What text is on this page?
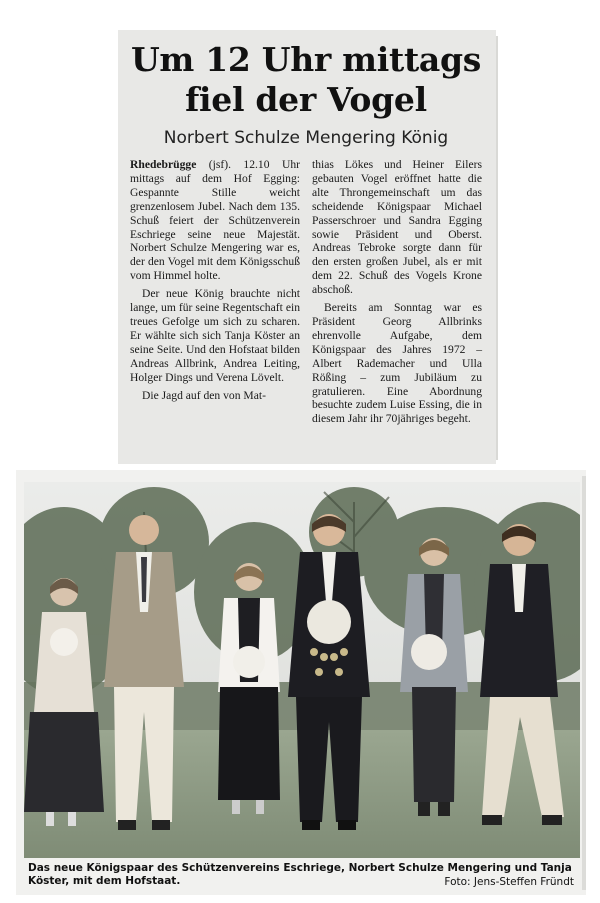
Um 12 Uhr mittags
fiel der Vogel
Norbert Schulze Mengering König

Rhedebrügge (jsf). 12.10 Uhr mittags auf dem Hof Egging: Gespannte Stille weicht grenzenlosem Jubel. Nach dem 135. Schuß feiert der Schützenverein Eschriege seine neue Majestät. Norbert Schulze Mengering war es, der den Vogel mit dem Königsschuß vom Himmel holte.

Der neue König brauchte nicht lange, um für seine Regentschaft ein treues Gefolge um sich zu scharen. Er wählte sich sich Tanja Köster an seine Seite. Und den Hofstaat bilden Andreas Allbrink, Andrea Leiting, Holger Dings und Verena Lövelt.

Die Jagd auf den von Mat-

thias Lökes und Heiner Eilers gebauten Vogel eröffnet hatte die alte Throngemeinschaft um das scheidende Königspaar Michael Passerschroer und Sandra Egging sowie Präsident und Oberst. Andreas Tebroke sorgte dann für den ersten großen Jubel, als er mit dem 22. Schuß des Vogels Krone abschoß.

Bereits am Sonntag war es Präsident Georg Allbrinks ehrenvolle Aufgabe, dem Königspaar des Jahres 1972 – Albert Rademacher und Ulla Rößing – zum Jubiläum zu gratulieren. Eine Abordnung besuchte zudem Luise Essing, die in diesem Jahr ihr 70jähriges begeht.

Das neue Königspaar des Schützenvereins Eschriege, Norbert Schulze Mengering und Tanja Köster, mit dem Hofstaat.	Foto: Jens-Steffen Fründt
